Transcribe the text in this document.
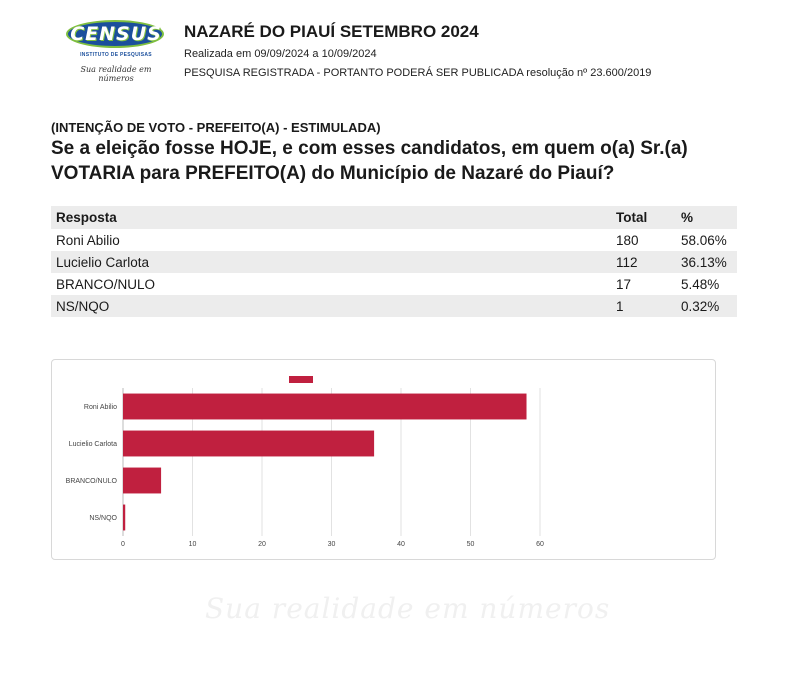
CENSUS
INSTITUTO DE PESQUISAS
Sua realidade em números
NAZARÉ DO PIAUÍ SETEMBRO 2024
Realizada em 09/09/2024 a 10/09/2024
PESQUISA REGISTRADA - PORTANTO PODERÁ SER PUBLICADA resolução nº 23.600/2019
(INTENÇÃO DE VOTO - PREFEITO(A) - ESTIMULADA)
Se a eleição fosse HOJE, e com esses candidatos, em quem o(a) Sr.(a) VOTARIA para PREFEITO(A) do Município de Nazaré do Piauí?
Resposta	Total	%
Roni Abilio	180	58.06%
Lucielio Carlota	112	36.13%
BRANCO/NULO	17	5.48%
NS/NQO	1	0.32%
0	10	20	30	40	50	60
Roni Abilio
Lucielio Carlota
BRANCO/NULO
NS/NQO
Sua realidade em números
